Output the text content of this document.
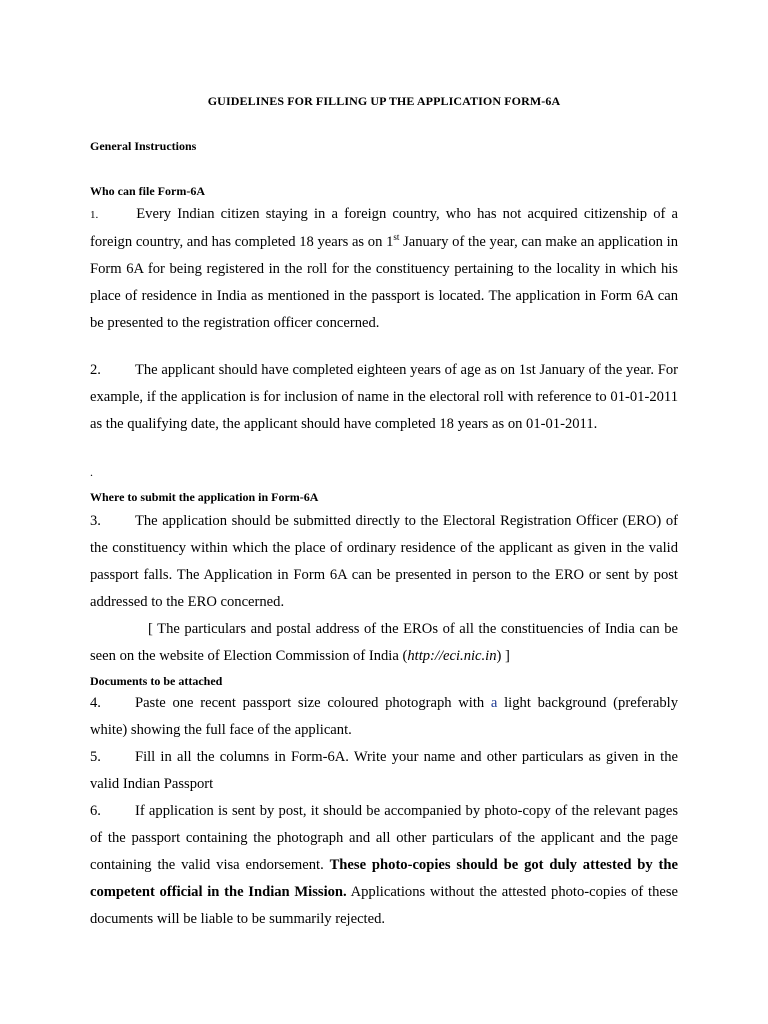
GUIDELINES FOR FILLING UP THE APPLICATION FORM-6A
General Instructions
Who can file Form-6A
1.	Every Indian citizen staying in a foreign country, who has not acquired citizenship of a foreign country, and has completed 18 years as on 1st January of the year, can make an application in Form 6A for being registered in the roll for the constituency pertaining to the locality in which his place of residence in India as mentioned in the passport is located. The application in Form 6A can be presented to the registration officer concerned.
2. The applicant should have completed eighteen years of age as on 1st January of the year. For example, if the application is for inclusion of name in the electoral roll with reference to 01-01-2011 as the qualifying date, the applicant should have completed 18 years as on 01-01-2011.
.
Where to submit the application in Form-6A
3. The application should be submitted directly to the Electoral Registration Officer (ERO) of the constituency within which the place of ordinary residence of the applicant as given in the valid passport falls. The Application in Form 6A can be presented in person to the ERO or sent by post addressed to the ERO concerned.
[ The particulars and postal address of the EROs of all the constituencies of India can be seen on the website of Election Commission of India (http://eci.nic.in) ]
Documents to be attached
4. Paste one recent passport size coloured photograph with a light background (preferably white) showing the full face of the applicant.
5. Fill in all the columns in Form-6A. Write your name and other particulars as given in the valid Indian Passport
6. If application is sent by post, it should be accompanied by photo-copy of the relevant pages of the passport containing the photograph and all other particulars of the applicant and the page containing the valid visa endorsement. These photo-copies should be got duly attested by the competent official in the Indian Mission. Applications without the attested photo-copies of these documents will be liable to be summarily rejected.
